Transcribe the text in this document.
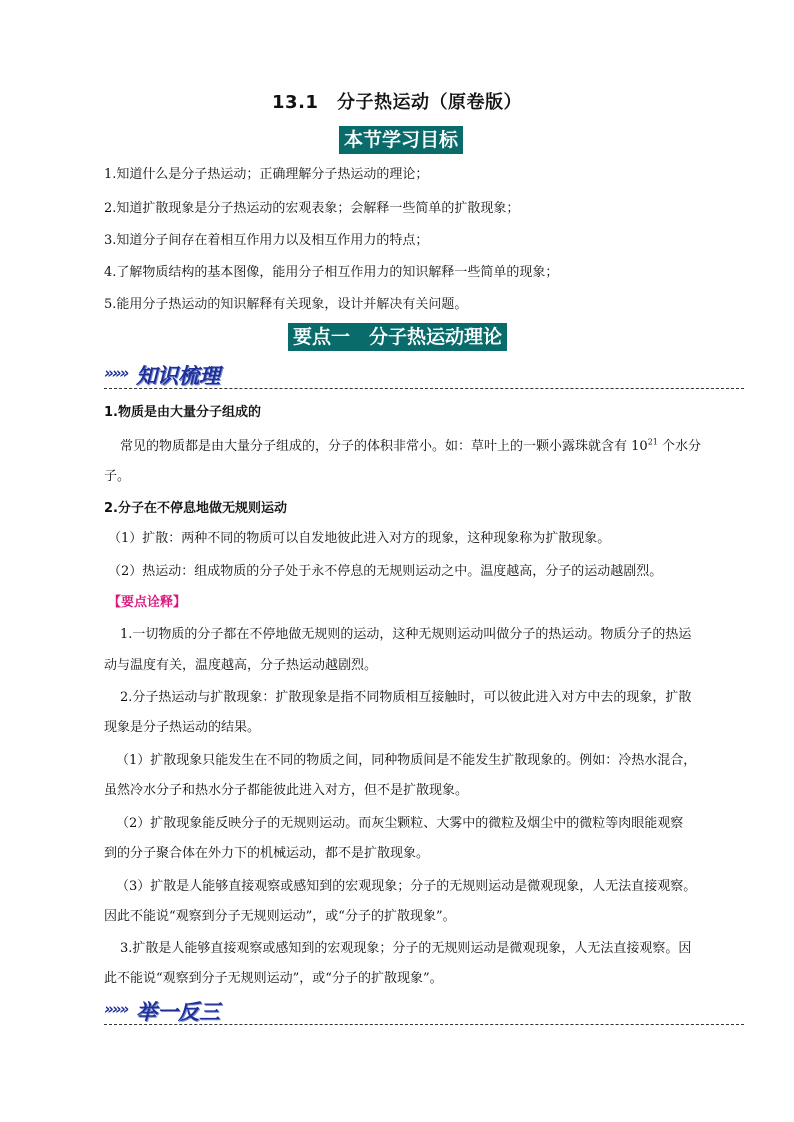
13.1　分子热运动（原卷版）
本节学习目标
1.知道什么是分子热运动；正确理解分子热运动的理论；
2.知道扩散现象是分子热运动的宏观表象；会解释一些简单的扩散现象；
3.知道分子间存在着相互作用力以及相互作用力的特点；
4.了解物质结构的基本图像，能用分子相互作用力的知识解释一些简单的现象；
5.能用分子热运动的知识解释有关现象，设计并解决有关问题。
要点一　分子热运动理论
»»» 知识梳理
1.物质是由大量分子组成的
常见的物质都是由大量分子组成的，分子的体积非常小。如：草叶上的一颗小露珠就含有 $10^{21}$ 个水分
子。
2.分子在不停息地做无规则运动
（1）扩散：两种不同的物质可以自发地彼此进入对方的现象，这种现象称为扩散现象。
（2）热运动：组成物质的分子处于永不停息的无规则运动之中。温度越高，分子的运动越剧烈。
【要点诠释】
1.一切物质的分子都在不停地做无规则的运动，这种无规则运动叫做分子的热运动。物质分子的热运
动与温度有关，温度越高，分子热运动越剧烈。
2.分子热运动与扩散现象：扩散现象是指不同物质相互接触时，可以彼此进入对方中去的现象，扩散
现象是分子热运动的结果。
（1）扩散现象只能发生在不同的物质之间，同种物质间是不能发生扩散现象的。例如：冷热水混合，
虽然冷水分子和热水分子都能彼此进入对方，但不是扩散现象。
（2）扩散现象能反映分子的无规则运动。而灰尘颗粒、大雾中的微粒及烟尘中的微粒等肉眼能观察
到的分子聚合体在外力下的机械运动，都不是扩散现象。
（3）扩散是人能够直接观察或感知到的宏观现象；分子的无规则运动是微观现象，人无法直接观察。
因此不能说“观察到分子无规则运动”，或“分子的扩散现象”。
3.扩散是人能够直接观察或感知到的宏观现象；分子的无规则运动是微观现象，人无法直接观察。因
此不能说“观察到分子无规则运动”，或“分子的扩散现象”。
»»» 举一反三
